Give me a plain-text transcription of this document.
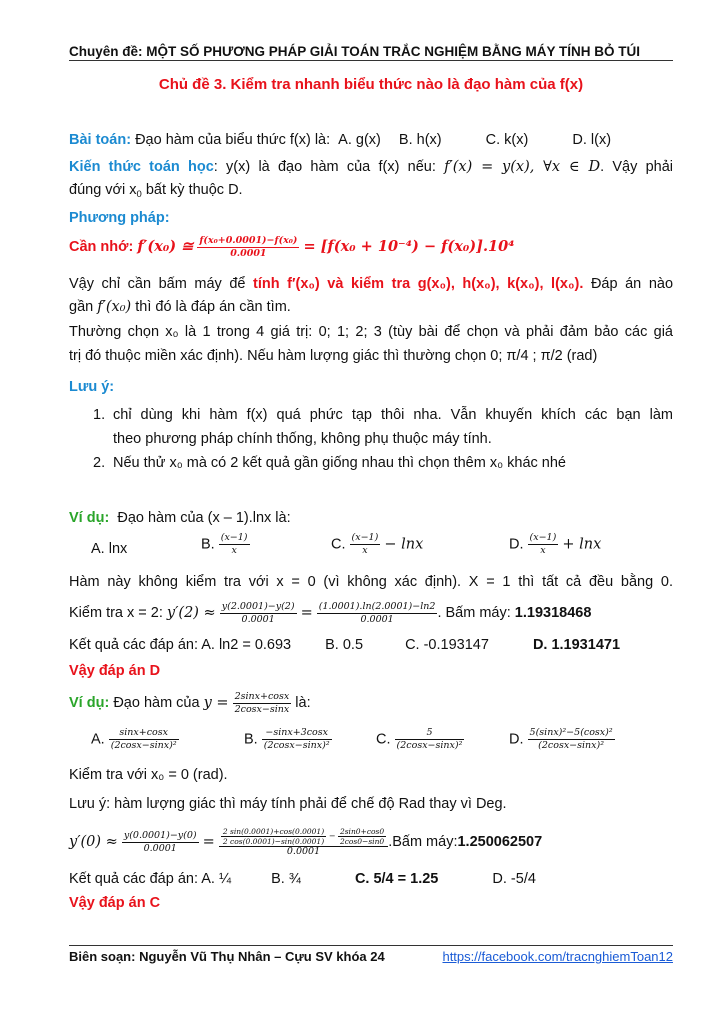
Chuyên đề: MỘT SỐ PHƯƠNG PHÁP GIẢI TOÁN TRẮC NGHIỆM BẰNG MÁY TÍNH BỎ TÚI
Chủ đề 3. Kiểm tra nhanh biểu thức nào là đạo hàm của f(x)
Bài toán: Đạo hàm của biểu thức f(x) là: A. g(x) B. h(x)	C. k(x)	D. l(x)
Kiến thức toán học: y(x) là đạo hàm của f(x) nếu: f′(x) = y(x), ∀x ∈ D. Vậy phải
đúng với $x_0$ bất kỳ thuộc D.
Phương pháp:
Cần nhớ: f′(x₀) ≅ $\frac{\text{f(x₀+0.0001)−f(x₀)}}{0.0001} = [f(x_0 + 10^{-4}) - f(x_0)].10^4$
Vậy chỉ cần bấm máy để tính f′(x₀) và kiểm tra g(x₀), h(x₀), k(x₀), l(x₀). Đáp án nào
gần f′(x₀) thì đó là đáp án cần tìm.
Thường chọn x₀ là 1 trong 4 giá trị: 0; 1; 2; 3 (tùy bài để chọn và phải đảm bảo các giá
trị đó thuộc miền xác định). Nếu hàm lượng giác thì thường chọn 0; π/4 ; π/2 (rad)
Lưu ý:
1. chỉ dùng khi hàm f(x) quá phức tạp thôi nha. Vẫn khuyến khích các bạn làm
theo phương pháp chính thống, không phụ thuộc máy tính.
2. Nếu thử x₀ mà có 2 kết quả gần giống nhau thì chọn thêm x₀ khác nhé
Ví dụ: Đạo hàm của (x – 1).lnx là:
A. lnx	B. $\frac{(x-1)}{x}$	C. $\frac{(x-1)}{x} - \ln x$	D. $\frac{(x-1)}{x} + \ln x$
Hàm này không kiểm tra với x = 0 (vì không xác định). X = 1 thì tất cả đều bằng 0.
Kiểm tra x = 2: $y'(2) \approx \frac{y(2.0001)-y(2)}{0.0001} = \frac{(1.0001).\ln(2.0001)-\ln 2}{0.0001}$ . Bấm máy: 1.19318468
Kết quả các đáp án: A. ln2 = 0.693 B. 0.5	C. -0.193147	D. 1.1931471
Vậy đáp án D
Ví dụ: Đạo hàm của $y = \frac{2\sin x+\cos x}{2\cos x-\sin x}$ là:
A. $\frac{\sin x+\cos x}{\text{(2cosx−sinx)²}}$	B. $\frac{-\sin x+3\cos x}{\text{(2cosx−sinx)²}}$	C. $\frac{5}{\text{(2cosx−sinx)²}}$	D. $\frac{\text{5(sinx)²−5(cosx)²}}{\text{(2cosx−sinx)²}}$
Kiểm tra với x₀ = 0 (rad).
Lưu ý: hàm lượng giác thì máy tính phải để chế độ Rad thay vì Deg.
$y'(0) \approx \frac{y(0.0001)-y(0)}{0.0001} = \frac{2 \sin(0.0001)+\cos(0.0001)}{2 \cos(0.0001)-\sin(0.0001)} - \frac{2\sin 0+\cos 0}{2\cos 0-\sin 0}$
0.0001
.Bấm máy:1.250062507
Kết quả các đáp án: A. ¼	B. ¾	C. 5/4 = 1.25	D. -5/4
Vậy đáp án C
Biên soạn: Nguyễn Vũ Thụ Nhân – Cựu SV khóa 24	https://facebook.com/tracnghiemToan12
